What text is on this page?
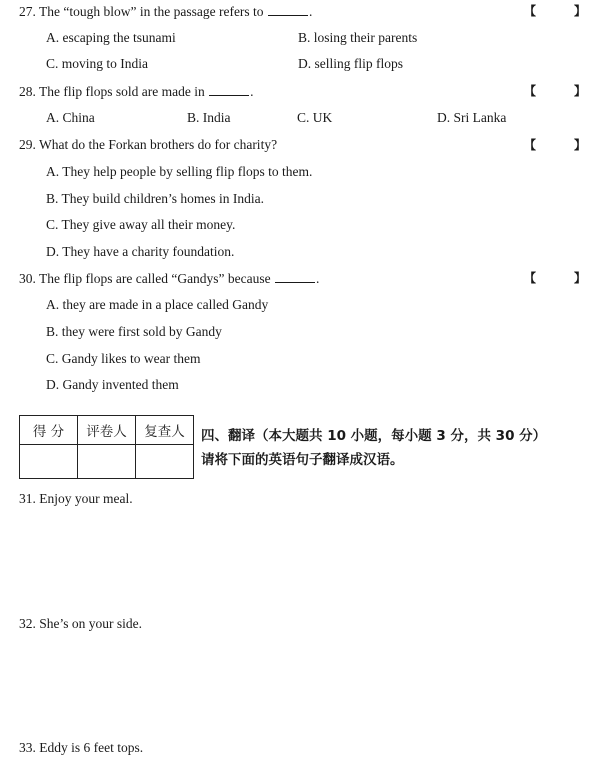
27. The “tough blow” in the passage refers to	.	【	】
A. escaping the tsunami	B. losing their parents
C. moving to India	D. selling flip flops
28. The flip flops sold are made in	.	【	】
A. China	B. India	C. UK	D. Sri Lanka
29. What do the Forkan brothers do for charity?	【	】
A. They help people by selling flip flops to them.
B. They build children’s homes in India.
C. They give away all their money.
D. They have a charity foundation.
30. The flip flops are called “Gandys” because	.	【	】
A. they are made in a place called Gandy
B. they were first sold by Gandy
C. Gandy likes to wear them
D. Gandy invented them
得 分	评卷人	复查人
		四、翻译（本大题共 10 小题，每小题 3 分，共 30 分）
请将下面的英语句子翻译成汉语。
31. Enjoy your meal.
32. She’s on your side.
33. Eddy is 6 feet tops.
